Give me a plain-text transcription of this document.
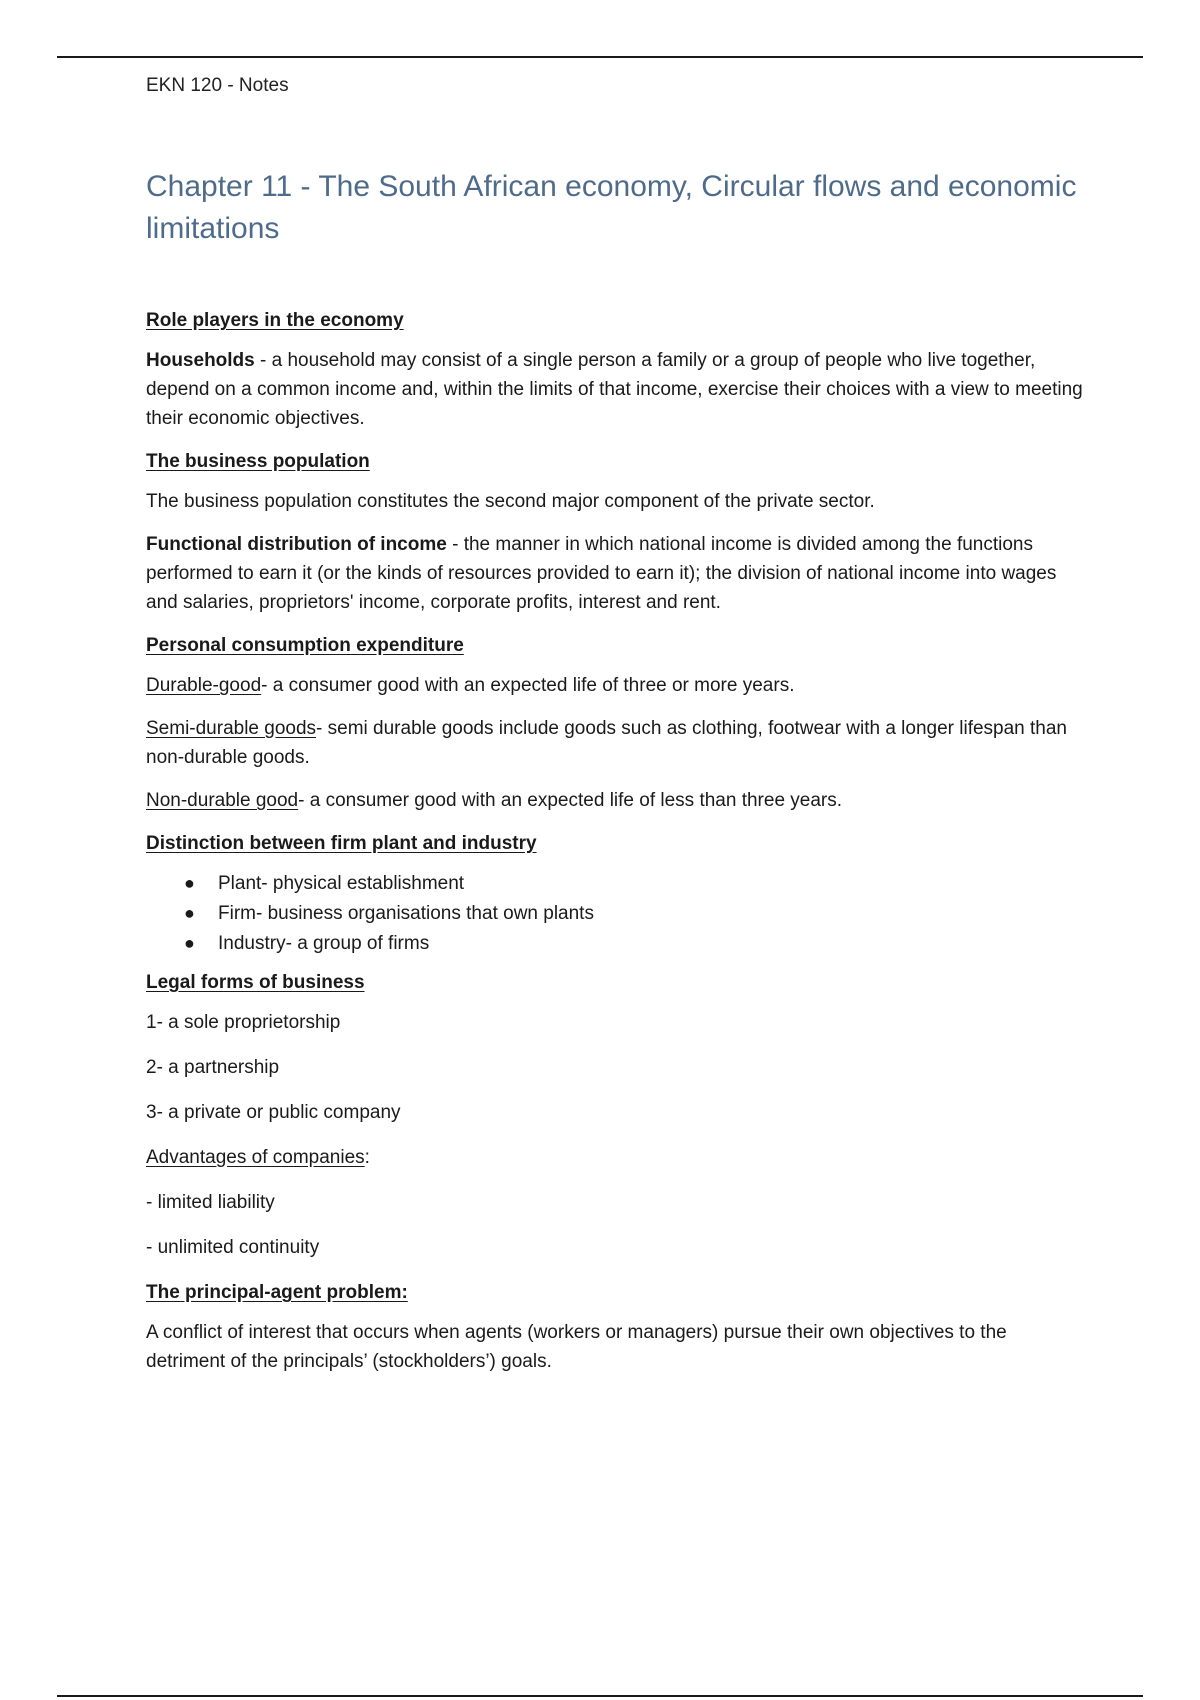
EKN 120 - Notes
Chapter 11 - The South African economy, Circular flows and economic limitations

Role players in the economy

Households - a household may consist of a single person a family or a group of people who live together, depend on a common income and, within the limits of that income, exercise their choices with a view to meeting their economic objectives.

The business population

The business population constitutes the second major component of the private sector.

Functional distribution of income - the manner in which national income is divided among the functions performed to earn it (or the kinds of resources provided to earn it); the division of national income into wages and salaries, proprietors' income, corporate profits, interest and rent.

Personal consumption expenditure

Durable-good- a consumer good with an expected life of three or more years.

Semi-durable goods- semi durable goods include goods such as clothing, footwear with a longer lifespan than non-durable goods.

Non-durable good- a consumer good with an expected life of less than three years.

Distinction between firm plant and industry

● Plant- physical establishment
● Firm- business organisations that own plants
● Industry- a group of firms

Legal forms of business

1- a sole proprietorship

2- a partnership

3- a private or public company

Advantages of companies:

- limited liability

- unlimited continuity

The principal-agent problem:

A conflict of interest that occurs when agents (workers or managers) pursue their own objectives to the detriment of the principals’ (stockholders’) goals.
